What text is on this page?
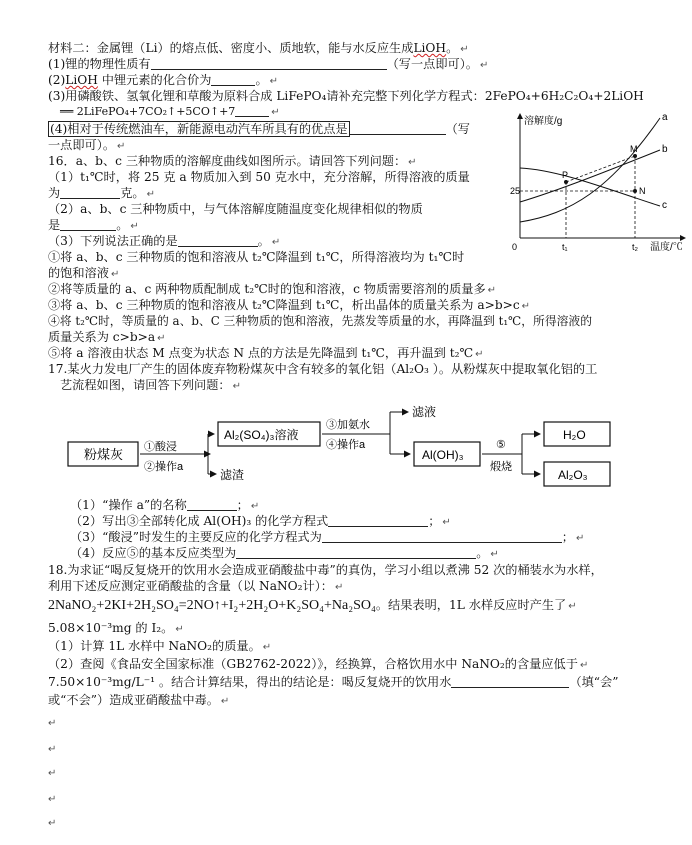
材料二：金属锂（Li）的熔点低、密度小、质地软，能与水反应生成LiOH。 ↵
(1)锂的物理性质有	（写一点即可）。 ↵
(2)LiOH 中锂元素的化合价为	。 ↵
(3)用磷酸铁、氢氧化锂和草酸为原料合成 LiFePO₄请补充完整下列化学方程式：2FePO₄+6H₂C₂O₄+2LiOH
══ 2LiFePO₄+7CO₂↑+5CO↑+7	↵
(4)相对于传统燃油车，新能源电动汽车所具有的优点是	（写
一点即可）。 ↵
16．a、b、c 三种物质的溶解度曲线如图所示。请回答下列问题： ↵
（1）t₁℃时，将 25 克 a 物质加入到 50 克水中，充分溶解，所得溶液的质量
为	克。 ↵
（2）a、b、c 三种物质中，与气体溶解度随温度变化规律相似的物质
是	。 ↵
（3）下列说法正确的是	。 ↵
①将 a、b、c 三种物质的饱和溶液从 t₂℃降温到 t₁℃，所得溶液均为 t₁℃时
的饱和溶液 ↵
②将等质量的 a、c 两种物质配制成 t₂℃时的饱和溶液，c 物质需要溶剂的质量多 ↵
③将 a、b、c 三种物质的饱和溶液从 t₂℃降温到 t₁℃，析出晶体的质量关系为 a>b>c ↵
④将 t₂℃时，等质量的 a、b、C 三种物质的饱和溶液，先蒸发等质量的水，再降温到 t₁℃，所得溶液的
质量关系为 c>b>a ↵
⑤将 a 溶液由状态 M 点变为状态 N 点的方法是先降温到 t₁℃，再升温到 t₂℃ ↵
溶解度/g
温度/℃
0	t₁	t₂
25
a
b
c
M
P
N
17.某火力发电厂产生的固体废弃物粉煤灰中含有较多的氧化铝（Al₂O₃ ）。从粉煤灰中提取氧化铝的工
艺流程如图，请回答下列问题： ↵
粉煤灰 ①酸浸
②操作a
Al₂(SO₄)₃溶液
滤渣
③加氨水
④操作a
滤液
Al(OH)₃
⑤
煅烧
H₂O
Al₂O₃
（1）“操作 a”的名称	； ↵
（2）写出③全部转化成 Al(OH)₃ 的化学方程式	； ↵
（3）“酸浸”时发生的主要反应的化学方程式为	； ↵
（4）反应⑤的基本反应类型为	。 ↵
18.为求证“喝反复烧开的饮用水会造成亚硝酸盐中毒”的真伪，学习小组以煮沸 52 次的桶装水为水样，
利用下述反应测定亚硝酸盐的含量（以 NaNO₂计）： ↵
2NaNO₂+2KI+2H₂SO₄=2NO↑+I₂+2H₂O+K₂SO₄+Na₂SO₄。结果表明，1L 水样反应时产生了 ↵
5.08×10⁻³mg 的 I₂。 ↵
（1）计算 1L 水样中 NaNO₂的质量。 ↵
（2）查阅《食品安全国家标准（GB2762-2022）》，经换算，合格饮用水中 NaNO₂的含量应低于 ↵
7.50×10⁻³mg/L⁻¹ 。结合计算结果，得出的结论是：喝反复烧开的饮用水	（填“会”
或“不会”）造成亚硝酸盐中毒。 ↵
↵
↵
↵
↵
↵
